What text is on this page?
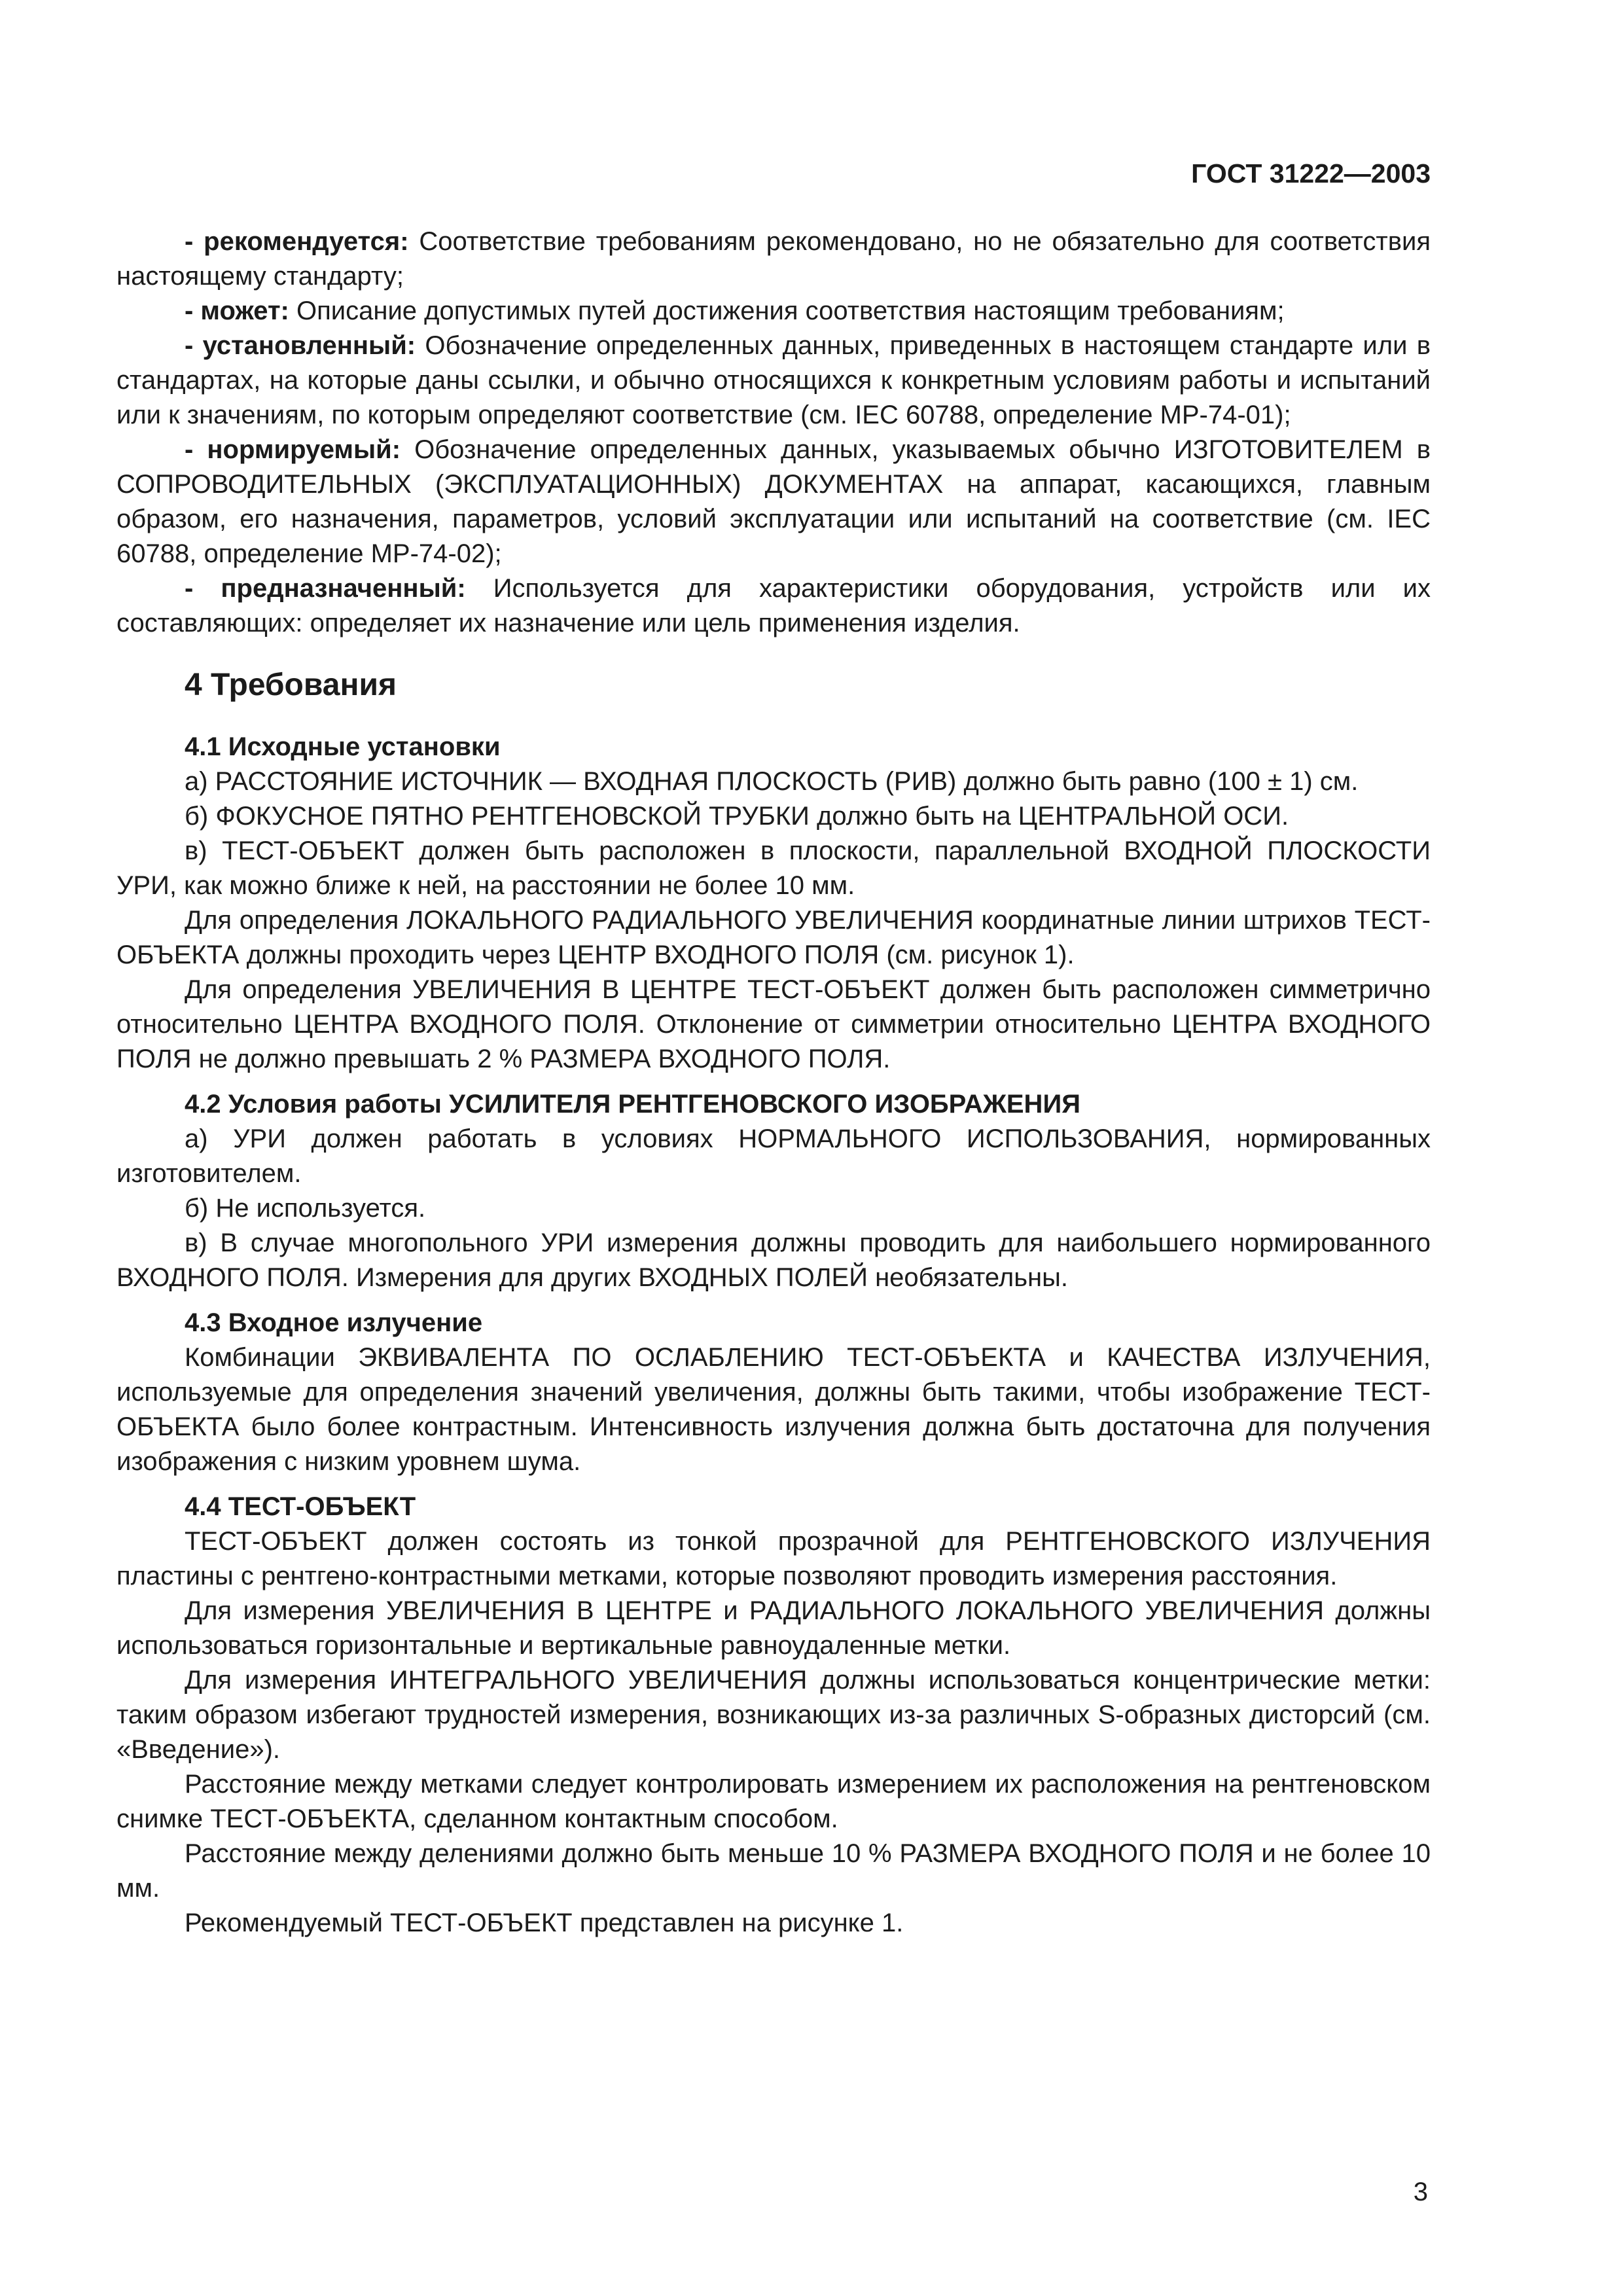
ГОСТ 31222—2003

- рекомендуется: Соответствие требованиям рекомендовано, но не обязательно для соответствия настоящему стандарту;

- может: Описание допустимых путей достижения соответствия настоящим требованиям;

- установленный: Обозначение определенных данных, приведенных в настоящем стандарте или в стандартах, на которые даны ссылки, и обычно относящихся к конкретным условиям работы и испытаний или к значениям, по которым определяют соответствие (см. IEC 60788, определение МР-74-01);

- нормируемый: Обозначение определенных данных, указываемых обычно ИЗГОТОВИТЕЛЕМ в СОПРОВОДИТЕЛЬНЫХ (ЭКСПЛУАТАЦИОННЫХ) ДОКУМЕНТАХ на аппарат, касающихся, главным образом, его назначения, параметров, условий эксплуатации или испытаний на соответствие (см. IEC 60788, определение МР-74-02);

- предназначенный: Используется для характеристики оборудования, устройств или их составляющих: определяет их назначение или цель применения изделия.

4 Требования
4.1 Исходные установки

а) РАССТОЯНИЕ ИСТОЧНИК — ВХОДНАЯ ПЛОСКОСТЬ (РИВ) должно быть равно (100 ± 1) см.

б) ФОКУСНОЕ ПЯТНО РЕНТГЕНОВСКОЙ ТРУБКИ должно быть на ЦЕНТРАЛЬНОЙ ОСИ.

в) ТЕСТ-ОБЪЕКТ должен быть расположен в плоскости, параллельной ВХОДНОЙ ПЛОСКОСТИ УРИ, как можно ближе к ней, на расстоянии не более 10 мм.

Для определения ЛОКАЛЬНОГО РАДИАЛЬНОГО УВЕЛИЧЕНИЯ координатные линии штрихов ТЕСТ-ОБЪЕКТА должны проходить через ЦЕНТР ВХОДНОГО ПОЛЯ (см. рисунок 1).

Для определения УВЕЛИЧЕНИЯ В ЦЕНТРЕ ТЕСТ-ОБЪЕКТ должен быть расположен симметрично относительно ЦЕНТРА ВХОДНОГО ПОЛЯ. Отклонение от симметрии относительно ЦЕНТРА ВХОДНОГО ПОЛЯ не должно превышать 2 % РАЗМЕРА ВХОДНОГО ПОЛЯ.

4.2 Условия работы УСИЛИТЕЛЯ РЕНТГЕНОВСКОГО ИЗОБРАЖЕНИЯ

а) УРИ должен работать в условиях НОРМАЛЬНОГО ИСПОЛЬЗОВАНИЯ, нормированных изготовителем.

б) Не используется.

в) В случае многопольного УРИ измерения должны проводить для наибольшего нормированного ВХОДНОГО ПОЛЯ. Измерения для других ВХОДНЫХ ПОЛЕЙ необязательны.

4.3 Входное излучение

Комбинации ЭКВИВАЛЕНТА ПО ОСЛАБЛЕНИЮ ТЕСТ-ОБЪЕКТА и КАЧЕСТВА ИЗЛУЧЕНИЯ, используемые для определения значений увеличения, должны быть такими, чтобы изображение ТЕСТ-ОБЪЕКТА было более контрастным. Интенсивность излучения должна быть достаточна для получения изображения с низким уровнем шума.

4.4 ТЕСТ-ОБЪЕКТ

ТЕСТ-ОБЪЕКТ должен состоять из тонкой прозрачной для РЕНТГЕНОВСКОГО ИЗЛУЧЕНИЯ пластины с рентгено-контрастными метками, которые позволяют проводить измерения расстояния.

Для измерения УВЕЛИЧЕНИЯ В ЦЕНТРЕ и РАДИАЛЬНОГО ЛОКАЛЬНОГО УВЕЛИЧЕНИЯ должны использоваться горизонтальные и вертикальные равноудаленные метки.

Для измерения ИНТЕГРАЛЬНОГО УВЕЛИЧЕНИЯ должны использоваться концентрические метки: таким образом избегают трудностей измерения, возникающих из-за различных S-образных дисторсий (см. «Введение»).

Расстояние между метками следует контролировать измерением их расположения на рентгеновском снимке ТЕСТ-ОБЪЕКТА, сделанном контактным способом.

Расстояние между делениями должно быть меньше 10 % РАЗМЕРА ВХОДНОГО ПОЛЯ и не более 10 мм.

Рекомендуемый ТЕСТ-ОБЪЕКТ представлен на рисунке 1.

3
